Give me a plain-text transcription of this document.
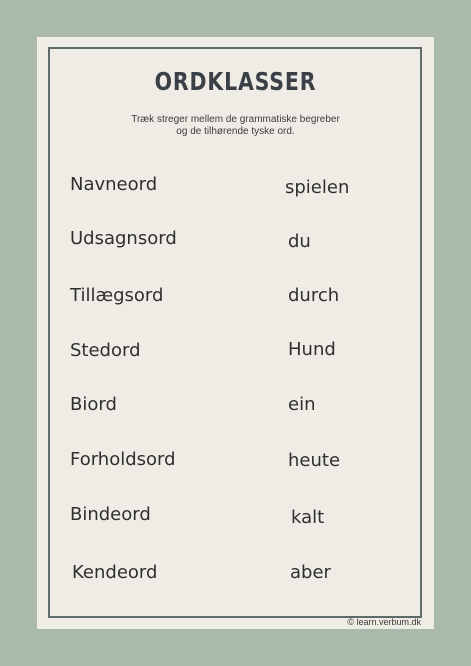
ORDKLASSER
Træk streger mellem de grammatiske begreber
og de tilhørende tyske ord.
Navneord
Udsagnsord
Tillægsord
Stedord
Biord
Forholdsord
Bindeord
Kendeord
spielen
du
durch
Hund
ein
heute
kalt
aber
© learn.verbum.dk
